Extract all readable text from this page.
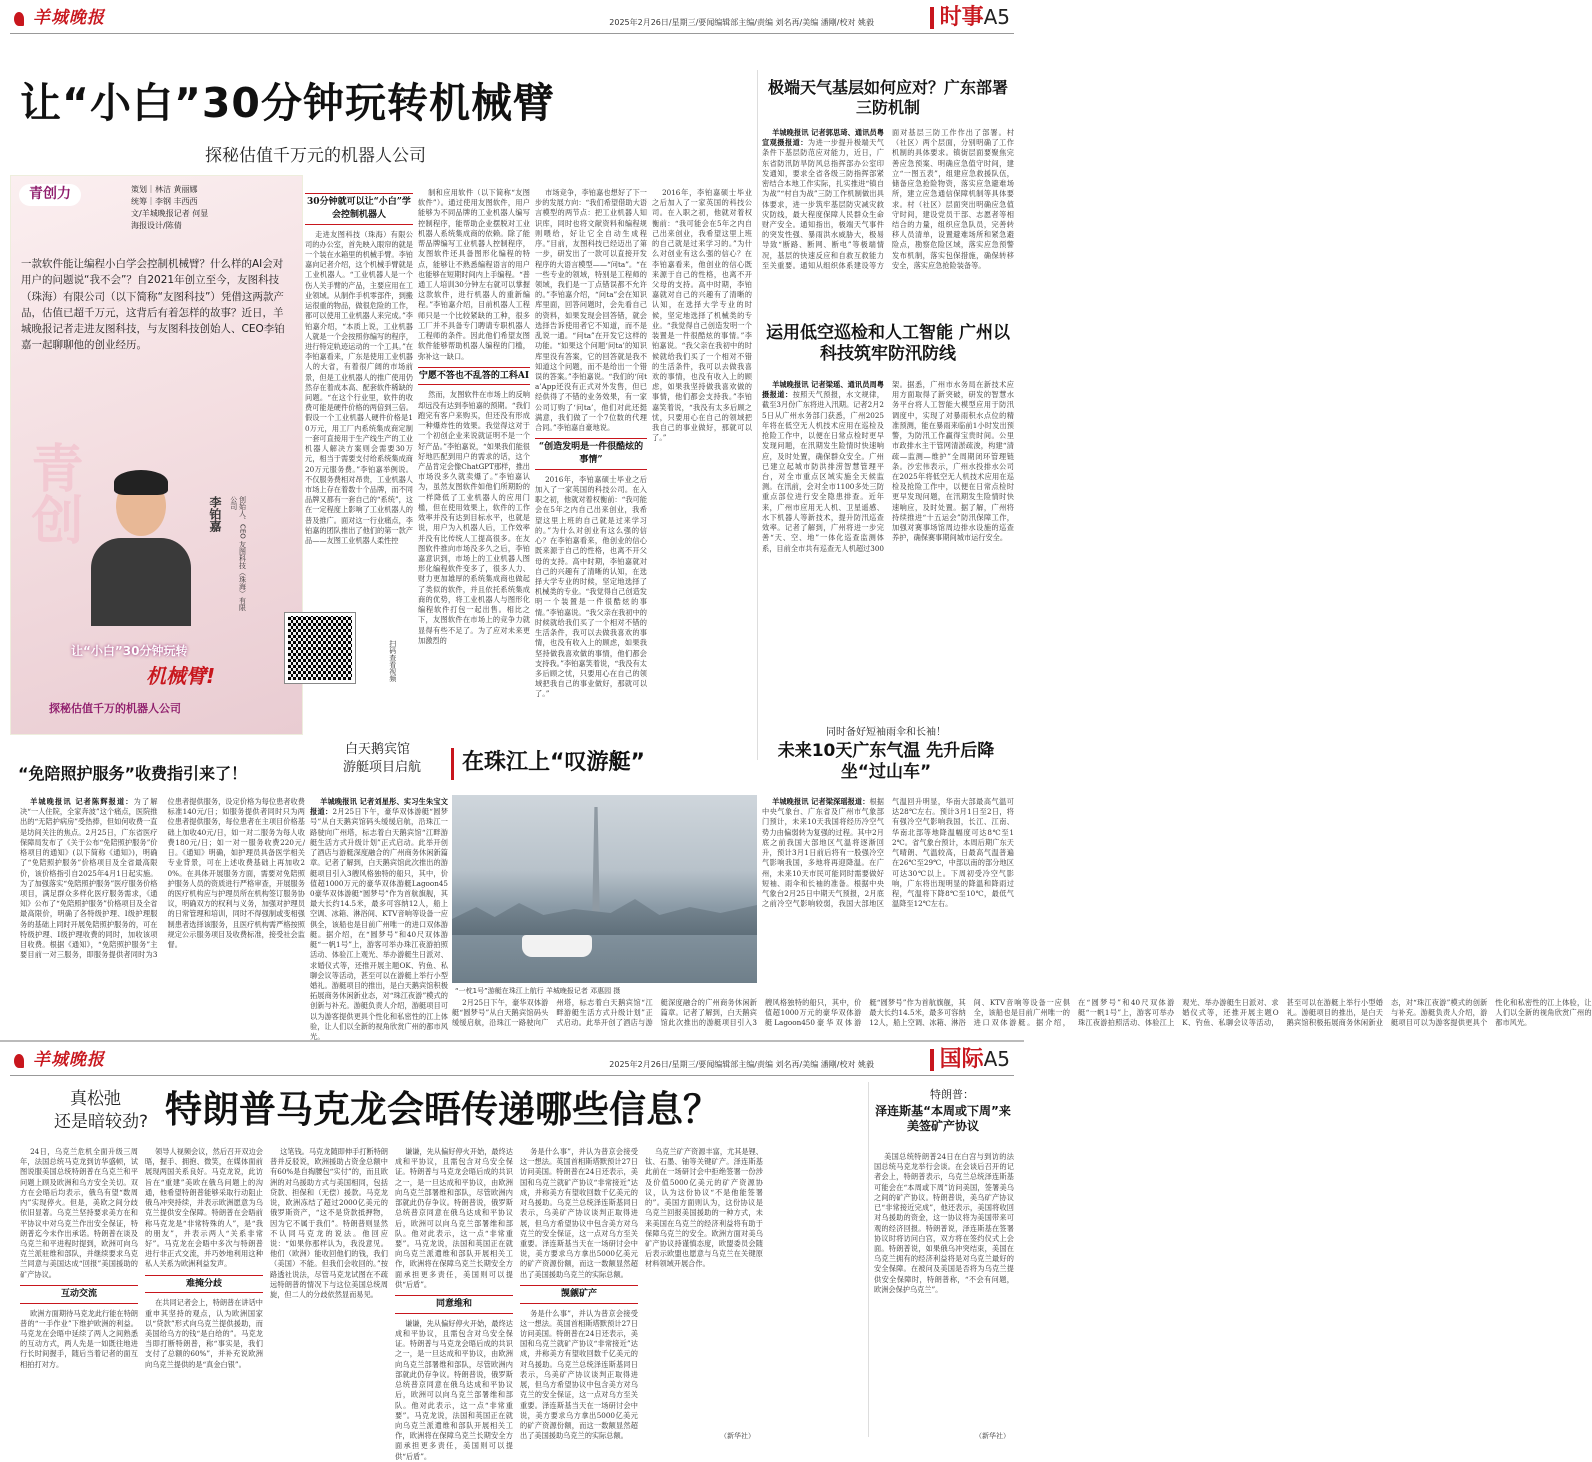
羊城晚报	2025年2月26日/星期三/要闻编辑部主编/责编 刘名再/美编 潘剛/校对 姚毅	时事A5
让“小白”30分钟玩转机械臂
探秘估值千万元的机器人公司
青创力	策划｜林洁 黄丽娜
统筹｜李钢 丰西西
文/羊城晚报记者 何显
海报设计/陈倩
一款软件能让编程小白学会控制机械臂？什么样的AI会对用户的问题说“我不会”？自2021年创立至今，友图科技（珠海）有限公司（以下简称“友图科技”）凭借这两款产品，估值已超千万元，这背后有着怎样的故事？近日，羊城晚报记者走进友图科技，与友图科技创始人、CEO李铂嘉一起聊聊他的创业经历。
青创	李铂嘉	创始人、CEO 友图科技（珠海）有限公司
让“小白”30分钟玩转
机械臂!
探秘估值千万的机器人公司
扫码查看视频
30分钟就可以让“小白”学会控制机器人

走进友图科技（珠海）有限公司的办公室，首先映入眼帘的就是一个装在水箱里的机械手臂。李铂嘉向记者介绍，这个机械手臂就是工业机器人。“工业机器人是一个伤人关手臂的产品，主要应用在工业领域。从制作手机零部件，到搬运很重的物品，做很危险的工作，都可以使用工业机器人来完成。”李铂嘉介绍，“本质上说，工业机器人就是一个会按照你编写的程序，进行特定轨迹运动的一个工具。”在李铂嘉看来，广东是使用工业机器人的大省，有着很广阔的市场前景，但是工业机器人的推广使用仍然存在着成本高、配套软件稀缺的问题。“在这个行业里，软件的收费可能是硬件价格的两倍到三倍。假设一个工业机器人硬件价格是10万元，用工厂内系统集成商定制一套可直接用于生产线生产的工业机器人解决方案则会需要30万元，相当于需要支付给系统集成商20万元服务费。”李铂嘉举例说。不仅服务费相对昂贵，工业机器人市场上存在着数十个品牌，而不同品牌又都有一套自己的“系统”，这在一定程度上影响了工业机器人的普及推广。面对这一行业痛点，李铂嘉的团队推出了他们的第一款产品——友图工业机器人柔性控

制和应用软件（以下简称“友图软件”）。通过使用友图软件，用户能够为不同品牌的工业机器人编写控制程序，能帮助企业摆脱对工业机器人系统集成商的依赖。除了能帮品牌编写工业机器人控制程序，友图软件还具备图形化编程的特点，能够让不熟悉编程语言的用户也能够在短期时间内上手编程。“普通工人培训30分钟左右就可以掌握这款软件，进行机器人的重新编程。”李铂嘉介绍，目前机器人工程师只是一个比较紧缺的工种，很多工厂并不具备专门聘请专职机器人工程师的条件。因此他们希望友图软件能够帮助机器人编程的门槛，弥补这一缺口。

宁愿不答也不乱答的工科AI

然而，友图软件在市场上的反响却远没有达到李铂嘉的预期。“我们跑完有客户来购买，但还没有形成一种爆炸性的效果。我觉得这对于一个初创企业来说就证明不是一个好产品。”李铂嘉说，“如果我们能很好地匹配到用户的需求的话，这个产品肯定会像ChatGPT那样，推出市场没多久就卖爆了。”李铂嘉认为，虽然友图软件如他们所期盼的一样降低了工业机器人的应用门槛，但在使用效果上，软件的工作效率并没有达到目标水平，也就是说，用户为入机器人后，工作效率并没有比传统人工提高很多。在友图软件推向市场没多久之后，李铂嘉意识到，市场上的工业机器人图形化编程软件变多了，很多人力、财力更加雄厚的系统集成商也做起了类似的软件，并且依托系统集成商的优势，将工业机器人与图形化编程软件打包一起出售。相比之下，友图软件在市场上的竞争力就显得有些不足了。为了应对未来更加激烈的

市场竞争，李铂嘉也想好了下一步的发展方向：“我们希望借助大语言模型的两节点：把工业机器人知识库，同时也将文献资料和编程规则喂给，好让它全自动生成程序。”目前，友图科技已经迈出了第一步，研发出了一款可以直接开发程序的大语言模型——“问ta”。“在一些专业的领域，特别是工程师的领域，我们是一丁点错误都不允许的。”李铂嘉介绍，“问ta”会在知识库里面，回答问题时，会先看自己的资料，如果发现会回答错，就会选择告诉使用者它不知道，而不是乱说一通。“问ta”在开发它这样的功能。“如果这个问题‘问ta’的知识库里没有答案，它的回答就是我不知道这个问题，而不是给出一个错误的答案。”李铂嘉说。“我们的‘问ta’App还没有正式对外发售，但已经供得了不错的业务效果，有一家公司订购了‘问ta’，他们对此还挺满意，我们做了一个7位数的代理合同。”李铂嘉自豪地说。

“创造发明是一件很酷炫的事情”

2016年，李铂嘉硕士毕业之后加入了一家英国的科技公司。在入职之初，他就对着权衡前：“我可能会在5年之内自己出来创业，我希望这里上班的自己就是过来学习的。”为什么对创业有这么强的信心？在李铂嘉看来，他创业的信心既来源于自己的性格，也离不开父母的支持。高中时期，李铂嘉就对自己的兴趣有了清晰的认知，在选择大学专业的时候，坚定地选择了机械类的专业。“我觉得自己创造发明一个装置是一件很酷炫的事情。”李铂嘉说。“我父亲在我初中的时候就给我们买了一个相对不错的生活条件，我可以去做我喜欢的事情，也没有收入上的顾虑，如果我坚持做我喜欢做的事情，他们都会支持我。”李铂嘉笑着说，“我没有太多后顾之忧，只要用心在自己的领域把我自己的事业做好，那就可以了。”

2016年，李铂嘉硕士毕业之后加入了一家英国的科技公司。在入职之初，他就对着权衡前：“我可能会在5年之内自己出来创业，我希望这里上班的自己就是过来学习的。”为什么对创业有这么强的信心？在李铂嘉看来，他创业的信心既来源于自己的性格，也离不开父母的支持。高中时期，李铂嘉就对自己的兴趣有了清晰的认知，在选择大学专业的时候，坚定地选择了机械类的专业。“我觉得自己创造发明一个装置是一件很酷炫的事情。”李铂嘉说。“我父亲在我初中的时候就给我们买了一个相对不错的生活条件，我可以去做我喜欢的事情，也没有收入上的顾虑，如果我坚持做我喜欢做的事情，他们都会支持我。”李铂嘉笑着说，“我没有太多后顾之忧，只要用心在自己的领域把我自己的事业做好，那就可以了。”

极端天气基层如何应对？广东部署三防机制

羊城晚报讯 记者郭思琦、通讯员粤宣观摄报道：为进一步提升极端天气条件下基层防范应对能力，近日，广东省防汛防旱防风总指挥部办公室印发通知，要求全省各级三防指挥部紧密结合本地工作实际，扎实推进“镇自为战”“村自为战”三防工作机制做出具体要求，进一步筑牢基层防灾减灾救灾防线，最大程度保障人民群众生命财产安全。通知指出，极端天气事件的突发性强、暴雨洪水威胁大，极易导致“断路、断网、断电”等极端情况，基层的快速反应和自救互救能力至关重要。通知从组织体系建设等方面对基层三防工作作出了部署。村（社区）两个层面，分别明确了工作机制的具体要求。镇街层面要聚焦完善应急预案、明确应急值守时间，建立“一图五表”，组建应急救援队伍，储备应急抢险物资，落实应急避难场所，建立应急通信保障机制等具体要求。村（社区）层面突出明确应急值守时间，建设党员干部、志愿者等相结合的力量，组织应急队员，完善转移人员清单，设置避难场所和紧急避险点，勘察危险区域，落实应急预警发布机制，落实包保措施，确保转移安全，落实应急抢险装备等。

运用低空巡检和人工智能 广州以科技筑牢防汛防线

羊城晚报讯 记者梁瑶、通讯员周粤摄报道：按照天气预报，水文规律，截至3月份广东将进入汛期。记者2月25日从广州水务部门获悉，广州2025年将在低空无人机技术应用在巡检及抢险工作中，以便在日常点检时更早发现问题，在汛期发生险情时快速响应，及时处置，确保群众安全。广州已建立起城市防洪排涝智慧管理平台，对全市重点区域实施全天候监测。在汛前，会对全市1100多处三防重点部位进行安全隐患排查。近年来，广州市应用无人机、卫星遥感、水下机器人等新技术，提升防汛巡查效率。记者了解到，广州将进一步完善“天、空、地”一体化巡查监测体系，目前全市共有巡查无人机超过300架。据悉，广州市水务局在新技术应用方面取得了新突破，研发的智慧水务平台将人工智能大模型应用于防汛调度中，实现了对暴雨积水点位的精准预测，能在暴雨来临前1小时发出预警，为防汛工作赢得宝贵时间。公里市政排水主干管网清淤疏浚，构建“清疏—监测—维护”全周期闭环管理链条。沙宏伟表示，广州水投排水公司在2025年将低空无人机技术应用在巡检及抢险工作中，以便在日常点检时更早发现问题，在汛期发生险情时快速响应，及时处置。据了解，广州将持续推进“十五运会”防汛保障工作，加强对赛事场馆周边排水设施的巡查养护，确保赛事期间城市运行安全。

同时备好短袖雨伞和长袖！
未来10天广东气温 先升后降坐“过山车”

羊城晚报讯 记者梁深瑶报道：根据中央气象台、广东省及广州市气象部门预计，未来10天我国将经历冷空气势力由偏弱转为复强的过程。其中2月底之前我国大部地区气温将逐渐回升，预计3月1日前后将有一股强冷空气影响我国，多地将再迎降温。在广州，未来10天市民可能同时需要做好短袖、雨伞和长袖的准备。根据中央气象台2月25日中期天气预报，2月底之前冷空气影响较弱，我国大部地区气温回升明显，华南大部最高气温可达28℃左右。预计3月1日至2日，将有强冷空气影响我国，长江、江南、华南北部等地降温幅度可达8℃至12℃。省气象台预计，本周后期广东天气晴朗、气温较高，日最高气温普遍在26℃至29℃，中部以南的部分地区可达30℃以上。下周初受冷空气影响，广东将出现明显的降温和降雨过程，气温将下降8℃至10℃，最低气温降至12℃左右。

“免陪照护服务”收费指引来了！

羊城晚报讯 记者陈辉报道：为了解决“一人住院，全家奔波”这个痛点，医院推出的“无陪护病房”受热捧，但如何收费一直是坊间关注的焦点。2月25日，广东省医疗保障局发布了《关于公布“免陪照护服务”价格项目的通知》(以下简称《通知》)，明确了“免陪照护服务”价格项目及全省最高限价，该价格指引自2025年4月1日起实施。为了加强落实“免陪照护服务”医疗服务价格项目，满足群众多样化医疗服务需求，《通知》公布了“免陪照护服务”价格项目及全省最高限价，明确了各特级护理、I级护理服务的基础上同时开展免陪照护服务的，可在特级护理、I级护理收费的同时，加收该项目收费。根据《通知》，“免陪照护服务”主要目前一对三服务，即服务提供者同时为3位患者提供服务，设定价格为每位患者收费标准140元/日；如服务提供者同时只为两位患者提供服务，每位患者在主项目价格基础上加收40元/日，如一对二服务为每人收费180元/日；如一对一服务收费220元/日。《通知》明确，如护理员具备医学相关专业背景，可在上述收费基础上再加收20%。在具体开展服务方面，需要对免陪照护服务人员的资质进行严格审查，开展服务的医疗机构应与护理员所在机构签订服务协议，明确双方的权利与义务，加强对护理员的日常管理和培训，同时不得强制或变相强制患者选择该服务，且医疗机构需严格按照规定公示服务项目及收费标准，接受社会监督。

白天鹅宾馆
游艇项目启航 在珠江上“叹游艇”
“一枕1号”游艇在珠江上航行 羊城晚报记者 邓惠园 摄

羊城晚报讯 记者刘星彤、实习生朱宝文报道：2月25日下午，豪华双体游艇“圆梦号”从白天鹅宾馆码头缓缓启航，沿珠江一路驶向广州塔，标志着白天鹅宾馆“江畔游艇生活方式升级计划”正式启动。此举开创了酒店与游艇深度融合的广州商务休闲新篇章。记者了解到，白天鹅宾馆此次推出的游艇项目引入3艘风格独特的船只，其中，价值超1000万元的豪华双体游艇Lagoon450豪华双体游艇“圆梦号”作为首航旗舰，其最大长约14.5米，最多可容纳12人，船上空调、冰箱、淋浴间、KTV音响等设备一应俱全，该船也是目前广州唯一的进口双体游艇。据介绍，在“圆梦号”和40尺双体游艇“一帆1号”上，游客可举办珠江夜游拍照活动、体验江上观光、举办游艇生日派对、求婚仪式等，还推开展主题OK、钓鱼、私聊会议等活动，甚至可以在游艇上举行小型婚礼。游艇项目的推出，是白天鹅宾馆积极拓展商务休闲新业态，对“珠江夜游”模式的创新与补充。游艇负责人介绍，游艇项目可以为游客提供更具个性化和私密性的江上体验，让人们以全新的视角欣赏广州的都市风光。

2月25日下午，豪华双体游艇“圆梦号”从白天鹅宾馆码头缓缓启航，沿珠江一路驶向广州塔，标志着白天鹅宾馆“江畔游艇生活方式升级计划”正式启动。此举开创了酒店与游艇深度融合的广州商务休闲新篇章。记者了解到，白天鹅宾馆此次推出的游艇项目引入3艘风格独特的船只，其中，价值超1000万元的豪华双体游艇Lagoon450豪华双体游艇“圆梦号”作为首航旗舰，其最大长约14.5米，最多可容纳12人，船上空调、冰箱、淋浴间、KTV音响等设备一应俱全，该船也是目前广州唯一的进口双体游艇。据介绍，在“圆梦号”和40尺双体游艇“一帆1号”上，游客可举办珠江夜游拍照活动、体验江上观光、举办游艇生日派对、求婚仪式等，还推开展主题OK、钓鱼、私聊会议等活动，甚至可以在游艇上举行小型婚礼。游艇项目的推出，是白天鹅宾馆积极拓展商务休闲新业态，对“珠江夜游”模式的创新与补充。游艇负责人介绍，游艇项目可以为游客提供更具个性化和私密性的江上体验，让人们以全新的视角欣赏广州的都市风光。

羊城晚报	2025年2月26日/星期三/要闻编辑部主编/责编 刘名再/美编 潘剛/校对 姚毅	国际A5
真松弛
还是暗较劲? 特朗普马克龙会晤传递哪些信息？

24日，乌克兰危机全面升级三周年，法国总统马克龙到访华盛顿，试图说服美国总统特朗普在乌克兰和平问题上顾及欧洲和乌方安全关切。双方在会晤后均表示，俄乌有望“数周内”实现停火。但是，美欧之间分歧依旧显著。乌克兰坚持要求美方在和平协议中对乌克兰作出安全保证，特朗普迄今未作出承诺。特朗普在谈及乌克兰和平进程时提到，欧洲可向乌克兰派驻维和部队，并继续要求乌克兰同意与美国达成“回报”美国援助的矿产协议。

互动交流

欧洲方面期待马克龙此行能在特朗普的“一手作业”下维护欧洲的利益。马克龙在会晤中延续了两人之间熟悉的互动方式，两人先是一如既往地进行长时间握手，随后当着记者的面互相拍打对方。

领导人视频会议，然后召开双边会晤，握手、拥抱、微笑，在媒体面前展现两国关系良好。马克龙说，此访旨在“重建”美欧在俄乌问题上的沟通，他希望特朗普能够采取行动阻止俄乌冲突持续，并表示欧洲愿意为乌克兰提供安全保障。特朗普在会晤前称马克龙是“非常特殊的人”，是“我的朋友”，并表示两人“关系非常好”。马克龙在会晤中多次与特朗普进行非正式交流，并巧妙地利用这种私人关系为欧洲利益发声。

难掩分歧

在共同记者会上，特朗普在讲话中重申其坚持的观点，认为欧洲国家以“贷款”形式向乌克兰提供援助，而美国给乌方的钱“是白给的”。马克龙当即打断特朗普，称“事实是，我们支付了总额的60%”，并补充说欧洲向乌克兰提供的是“真金白银”。

这笔钱。马克龙随即伸手打断特朗普并反驳说，欧洲援助占资金总额中有60%是自掏腰包“实付”的，而且欧洲的对乌援助方式与美国相同，包括贷款、担保和（无偿）援款。马克龙说，欧洲冻结了超过2000亿美元的俄罗斯资产，“这不是贷款抵押物，因为它不属于我们”。特朗普则显然不认同马克龙的说法。他回应说：“如果你那样认为，我没意见。他们（欧洲）能收回他们的钱，我们（美国）不能。但我们会收回的。”按路透社说法，尽管马克龙试图在不疏远特朗普的情况下与这位美国总统周旋，但二人的分歧依然显而易见。

谦谦，先从偏好停火开始，最终达成和平协议，且需包含对乌安全保证。特朗普与马克龙会晤后成的共识之一，是一旦达成和平协议，由欧洲向乌克兰部署维和部队，尽管欧洲内部就此仍存争议。特朗普说，俄罗斯总统普京同意在俄乌达成和平协议后，欧洲可以向乌克兰部署维和部队。他对此表示，这一点“非常重要”。马克龙说，法国和英国正在就向乌克兰派遣维和部队开展相关工作，欧洲将在保障乌克兰长期安全方面承担更多责任，美国则可以提供“后盾”。

同意维和

谦谦，先从偏好停火开始，最终达成和平协议，且需包含对乌安全保证。特朗普与马克龙会晤后成的共识之一，是一旦达成和平协议，由欧洲向乌克兰部署维和部队，尽管欧洲内部就此仍存争议。特朗普说，俄罗斯总统普京同意在俄乌达成和平协议后，欧洲可以向乌克兰部署维和部队。他对此表示，这一点“非常重要”。马克龙说，法国和英国正在就向乌克兰派遣维和部队开展相关工作，欧洲将在保障乌克兰长期安全方面承担更多责任，美国则可以提供“后盾”。

务是什么事”，并认为普京会接受这一想法。英国首相斯塔默预计27日访问美国。特朗普在24日还表示，美国和乌克兰就矿产协议“非常接近”达成，并称美方有望收回数千亿美元的对乌援助。乌克兰总统泽连斯基同日表示，乌美矿产协议谈判正取得进展，但乌方希望协议中包含美方对乌克兰的安全保证，这一点对乌方至关重要。泽连斯基当天在一场研讨会中说，美方要求乌方拿出5000亿美元的矿产资源份额，而这一数额显然超出了美国援助乌克兰的实际总额。

觊觎矿产

务是什么事”，并认为普京会接受这一想法。英国首相斯塔默预计27日访问美国。特朗普在24日还表示，美国和乌克兰就矿产协议“非常接近”达成，并称美方有望收回数千亿美元的对乌援助。乌克兰总统泽连斯基同日表示，乌美矿产协议谈判正取得进展，但乌方希望协议中包含美方对乌克兰的安全保证，这一点对乌方至关重要。泽连斯基当天在一场研讨会中说，美方要求乌方拿出5000亿美元的矿产资源份额，而这一数额显然超出了美国援助乌克兰的实际总额。

乌克兰矿产资源丰富，尤其是锂、钛、石墨、铀等关键矿产。泽连斯基此前在一场研讨会中拒绝签署一份涉及价值5000亿美元的矿产资源协议，认为这份协议“不是他能签署的”。美国方面则认为，这份协议是乌克兰回报美国援助的一种方式，未来美国在乌克兰的经济利益将有助于保障乌克兰的安全。欧洲方面对美乌矿产协议持谨慎态度，欧盟委员会随后表示欧盟也愿意与乌克兰在关键原材料领域开展合作。

（新华社）
特朗普：
泽连斯基“本周或下周”来美签矿产协议

美国总统特朗普24日在白宫与到访的法国总统马克龙举行会谈。在会谈后召开的记者会上，特朗普表示，乌克兰总统泽连斯基可能会在“本周或下周”访问美国，签署美乌之间的矿产协议。特朗普说，美乌矿产协议已“非常接近完成”，他还表示，美国将收回对乌援助的资金，这一协议将为美国带来可观的经济回报。特朗普说，泽连斯基在签署协议时将访问白宫，双方将在签约仪式上会面。特朗普说，如果俄乌冲突结束，美国在乌克兰拥有的经济利益将是对乌克兰最好的安全保障。在被问及美国是否将为乌克兰提供安全保障时，特朗普称，“不会有问题，欧洲会保护乌克兰”。

（新华社）
